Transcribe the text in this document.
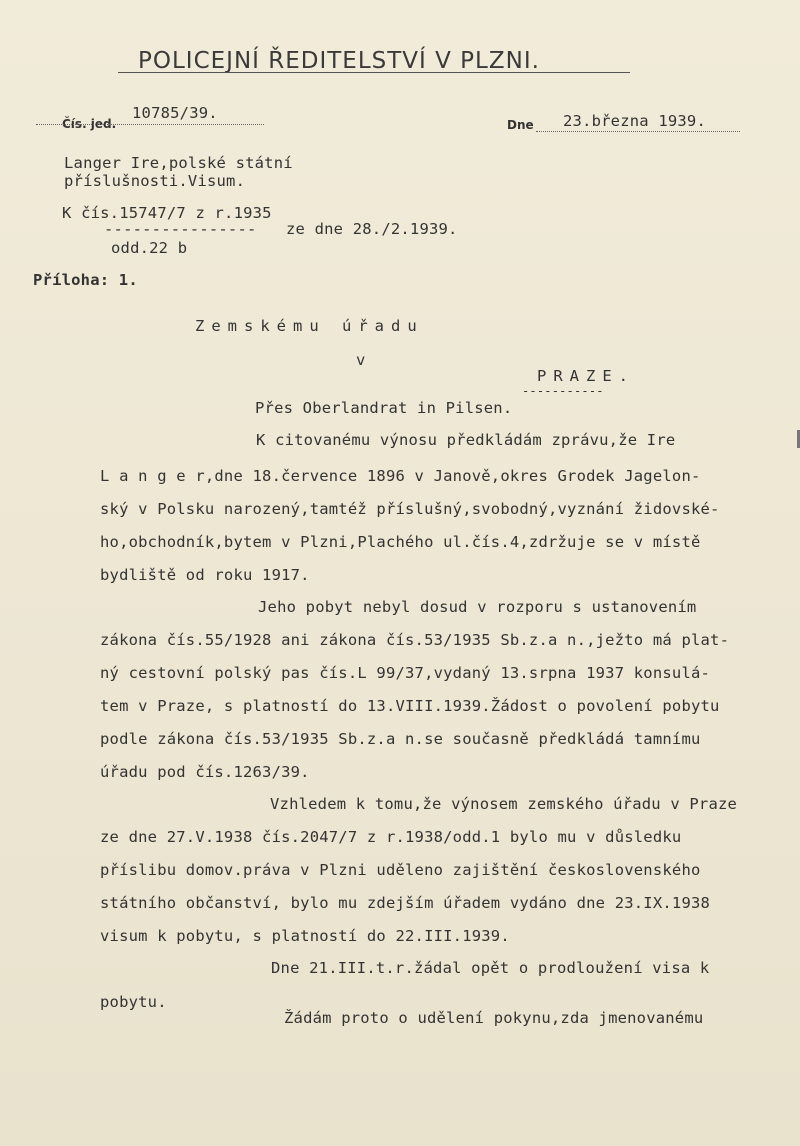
POLICEJNÍ ŘEDITELSTVÍ V PLZNI.
Čís. jed.
10785/39.
Dne 23.března 1939.
Langer Ire,polské státní
příslušnosti.Visum.
K čís.15747/7 z r.1935
---------------- ze dne 28./2.1939.
odd.22 b
Příloha: 1.
Zemskému úřadu
v
PRAZE.
-----------
Přes Oberlandrat in Pilsen.
K citovanému výnosu předkládám zprávu,že Ire
L a n g e r,dne 18.července 1896 v Janově,okres Grodek Jagelon-
ský v Polsku narozený,tamtéž příslušný,svobodný,vyznání židovské-
ho,obchodník,bytem v Plzni,Plachého ul.čís.4,zdržuje se v místě
bydliště od roku 1917.
Jeho pobyt nebyl dosud v rozporu s ustanovením
zákona čís.55/1928 ani zákona čís.53/1935 Sb.z.a n.,ježto má plat-
ný cestovní polský pas čís.L 99/37,vydaný 13.srpna 1937 konsulá-
tem v Praze, s platností do 13.VIII.1939.Žádost o povolení pobytu
podle zákona čís.53/1935 Sb.z.a n.se současně předkládá tamnímu
úřadu pod čís.1263/39.
Vzhledem k tomu,že výnosem zemského úřadu v Praze
ze dne 27.V.1938 čís.2047/7 z r.1938/odd.1 bylo mu v důsledku
příslibu domov.práva v Plzni uděleno zajištění československého
státního občanství, bylo mu zdejším úřadem vydáno dne 23.IX.1938
visum k pobytu, s platností do 22.III.1939.
Dne 21.III.t.r.žádal opět o prodloužení visa k
pobytu.
Žádám proto o udělení pokynu,zda jmenovanému
